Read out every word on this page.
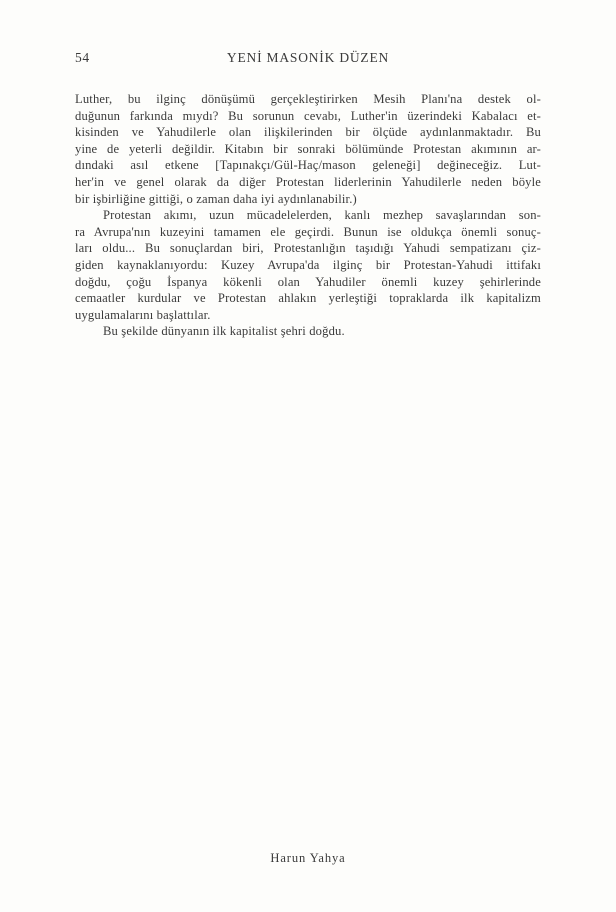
54	YENİ MASONİK DÜZEN
Luther, bu ilginç dönüşümü gerçekleştirirken Mesih Planı'na destek ol-
duğunun farkında mıydı? Bu sorunun cevabı, Luther'in üzerindeki Kabalacı et-
kisinden ve Yahudilerle olan ilişkilerinden bir ölçüde aydınlanmaktadır. Bu
yine de yeterli değildir. Kitabın bir sonraki bölümünde Protestan akımının ar-
dındaki asıl etkene [Tapınakçı/Gül-Haç/mason geleneği] değineceğiz. Lut-
her'in ve genel olarak da diğer Protestan liderlerinin Yahudilerle neden böyle
bir işbirliğine gittiği, o zaman daha iyi aydınlanabilir.)
Protestan akımı, uzun mücadelelerden, kanlı mezhep savaşlarından son-
ra Avrupa'nın kuzeyini tamamen ele geçirdi. Bunun ise oldukça önemli sonuç-
ları oldu... Bu sonuçlardan biri, Protestanlığın taşıdığı Yahudi sempatizanı çiz-
giden kaynaklanıyordu: Kuzey Avrupa'da ilginç bir Protestan-Yahudi ittifakı
doğdu, çoğu İspanya kökenli olan Yahudiler önemli kuzey şehirlerinde
cemaatler kurdular ve Protestan ahlakın yerleştiği topraklarda ilk kapitalizm
uygulamalarını başlattılar.
Bu şekilde dünyanın ilk kapitalist şehri doğdu.
Harun Yahya
